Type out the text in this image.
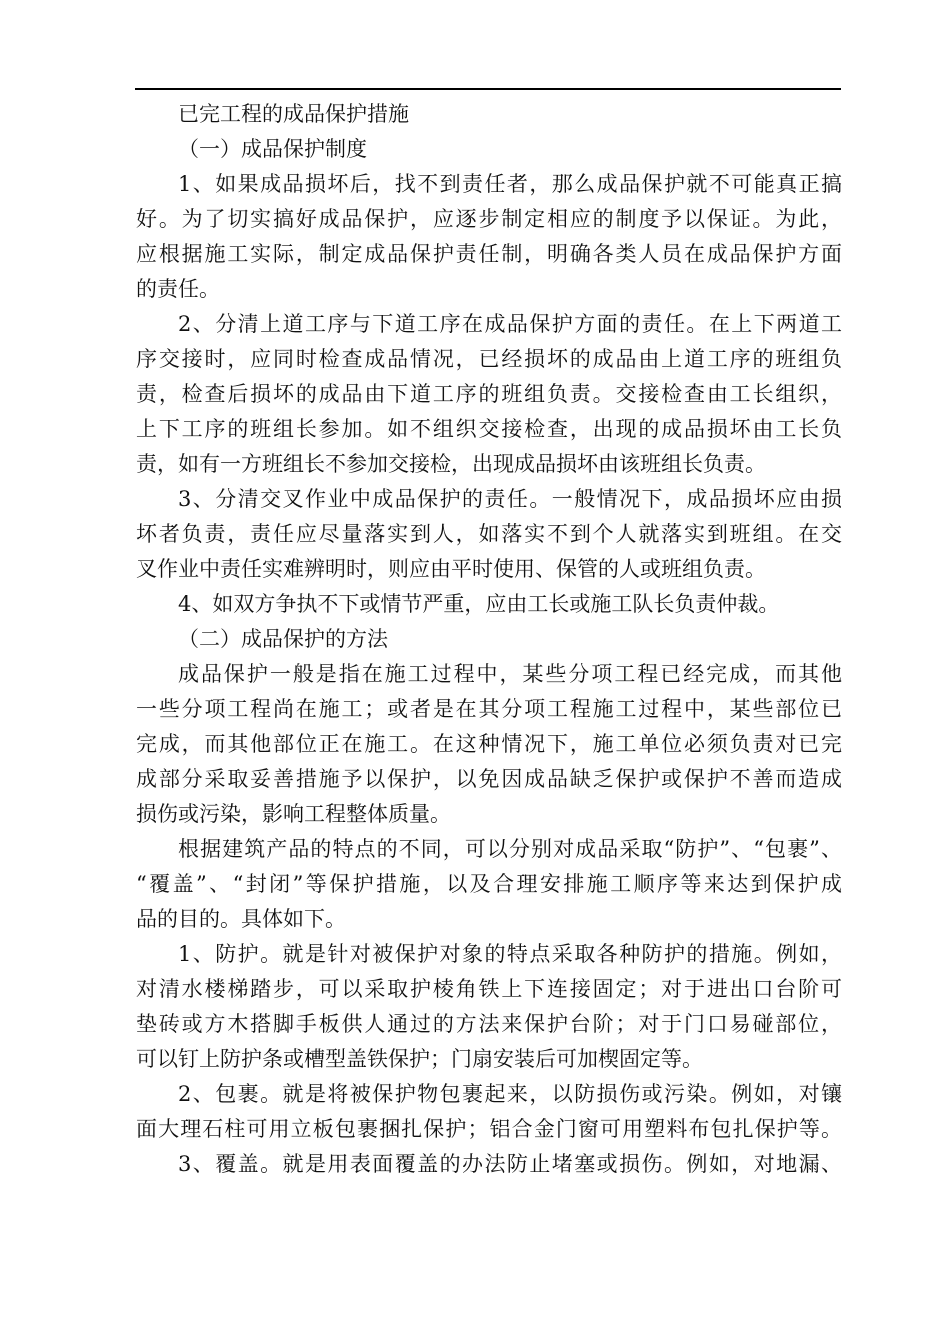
已完工程的成品保护措施
（一）成品保护制度
1、如果成品损坏后，找不到责任者，那么成品保护就不可能真正搞
好。为了切实搞好成品保护，应逐步制定相应的制度予以保证。为此，
应根据施工实际，制定成品保护责任制，明确各类人员在成品保护方面
的责任。
2、分清上道工序与下道工序在成品保护方面的责任。在上下两道工
序交接时，应同时检查成品情况，已经损坏的成品由上道工序的班组负
责，检查后损坏的成品由下道工序的班组负责。交接检查由工长组织，
上下工序的班组长参加。如不组织交接检查，出现的成品损坏由工长负
责，如有一方班组长不参加交接检，出现成品损坏由该班组长负责。
3、分清交叉作业中成品保护的责任。一般情况下，成品损坏应由损
坏者负责，责任应尽量落实到人，如落实不到个人就落实到班组。在交
叉作业中责任实难辨明时，则应由平时使用、保管的人或班组负责。
4、如双方争执不下或情节严重，应由工长或施工队长负责仲裁。
（二）成品保护的方法
成品保护一般是指在施工过程中，某些分项工程已经完成，而其他
一些分项工程尚在施工；或者是在其分项工程施工过程中，某些部位已
完成，而其他部位正在施工。在这种情况下，施工单位必须负责对已完
成部分采取妥善措施予以保护，以免因成品缺乏保护或保护不善而造成
损伤或污染，影响工程整体质量。
根据建筑产品的特点的不同，可以分别对成品采取“防护”、“包裹”、
“覆盖”、“封闭”等保护措施，以及合理安排施工顺序等来达到保护成
品的目的。具体如下。
1、防护。就是针对被保护对象的特点采取各种防护的措施。例如，
对清水楼梯踏步，可以采取护棱角铁上下连接固定；对于进出口台阶可
垫砖或方木搭脚手板供人通过的方法来保护台阶；对于门口易碰部位，
可以钉上防护条或槽型盖铁保护；门扇安装后可加楔固定等。
2、包裹。就是将被保护物包裹起来，以防损伤或污染。例如，对镶
面大理石柱可用立板包裹捆扎保护；铝合金门窗可用塑料布包扎保护等。
3、覆盖。就是用表面覆盖的办法防止堵塞或损伤。例如，对地漏、
